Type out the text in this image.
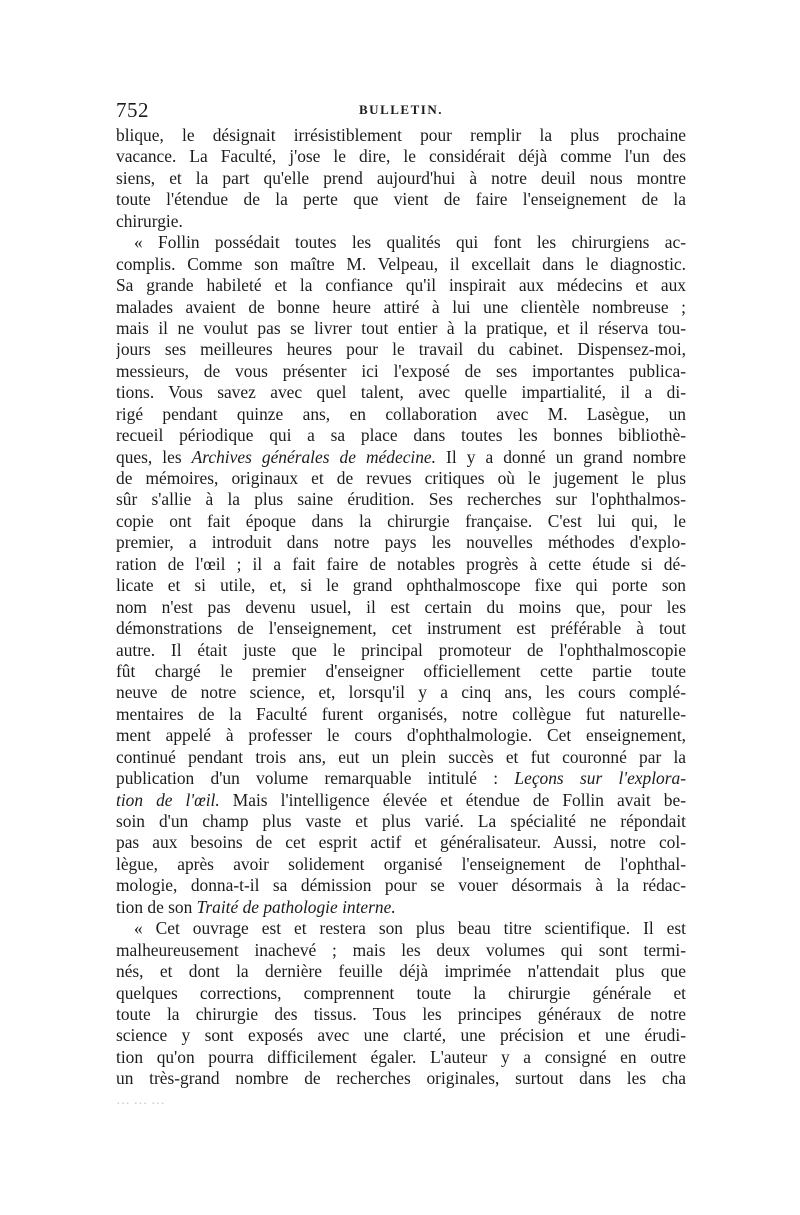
752	BULLETIN.
blique, le désignait irrésistiblement pour remplir la plus prochaine
vacance. La Faculté, j'ose le dire, le considérait déjà comme l'un des
siens, et la part qu'elle prend aujourd'hui à notre deuil nous montre
toute l'étendue de la perte que vient de faire l'enseignement de la
chirurgie.
« Follin possédait toutes les qualités qui font les chirurgiens ac-
complis. Comme son maître M. Velpeau, il excellait dans le diagnostic.
Sa grande habileté et la confiance qu'il inspirait aux médecins et aux
malades avaient de bonne heure attiré à lui une clientèle nombreuse ;
mais il ne voulut pas se livrer tout entier à la pratique, et il réserva tou-
jours ses meilleures heures pour le travail du cabinet. Dispensez-moi,
messieurs, de vous présenter ici l'exposé de ses importantes publica-
tions. Vous savez avec quel talent, avec quelle impartialité, il a di-
rigé pendant quinze ans, en collaboration avec M. Lasègue, un
recueil périodique qui a sa place dans toutes les bonnes bibliothè-
ques, les Archives générales de médecine. Il y a donné un grand nombre
de mémoires, originaux et de revues critiques où le jugement le plus
sûr s'allie à la plus saine érudition. Ses recherches sur l'ophthalmos-
copie ont fait époque dans la chirurgie française. C'est lui qui, le
premier, a introduit dans notre pays les nouvelles méthodes d'explo-
ration de l'œil ; il a fait faire de notables progrès à cette étude si dé-
licate et si utile, et, si le grand ophthalmoscope fixe qui porte son
nom n'est pas devenu usuel, il est certain du moins que, pour les
démonstrations de l'enseignement, cet instrument est préférable à tout
autre. Il était juste que le principal promoteur de l'ophthalmoscopie
fût chargé le premier d'enseigner officiellement cette partie toute
neuve de notre science, et, lorsqu'il y a cinq ans, les cours complé-
mentaires de la Faculté furent organisés, notre collègue fut naturelle-
ment appelé à professer le cours d'ophthalmologie. Cet enseignement,
continué pendant trois ans, eut un plein succès et fut couronné par la
publication d'un volume remarquable intitulé : Leçons sur l'explora-
tion de l'œil. Mais l'intelligence élevée et étendue de Follin avait be-
soin d'un champ plus vaste et plus varié. La spécialité ne répondait
pas aux besoins de cet esprit actif et généralisateur. Aussi, notre col-
lègue, après avoir solidement organisé l'enseignement de l'ophthal-
mologie, donna-t-il sa démission pour se vouer désormais à la rédac-
tion de son Traité de pathologie interne.
« Cet ouvrage est et restera son plus beau titre scientifique. Il est
malheureusement inachevé ; mais les deux volumes qui sont termi-
nés, et dont la dernière feuille déjà imprimée n'attendait plus que
quelques corrections, comprennent toute la chirurgie générale et
toute la chirurgie des tissus. Tous les principes généraux de notre
science y sont exposés avec une clarté, une précision et une érudi-
tion qu'on pourra difficilement égaler. L'auteur y a consigné en outre
un très-grand nombre de recherches originales, surtout dans les cha
… … …
